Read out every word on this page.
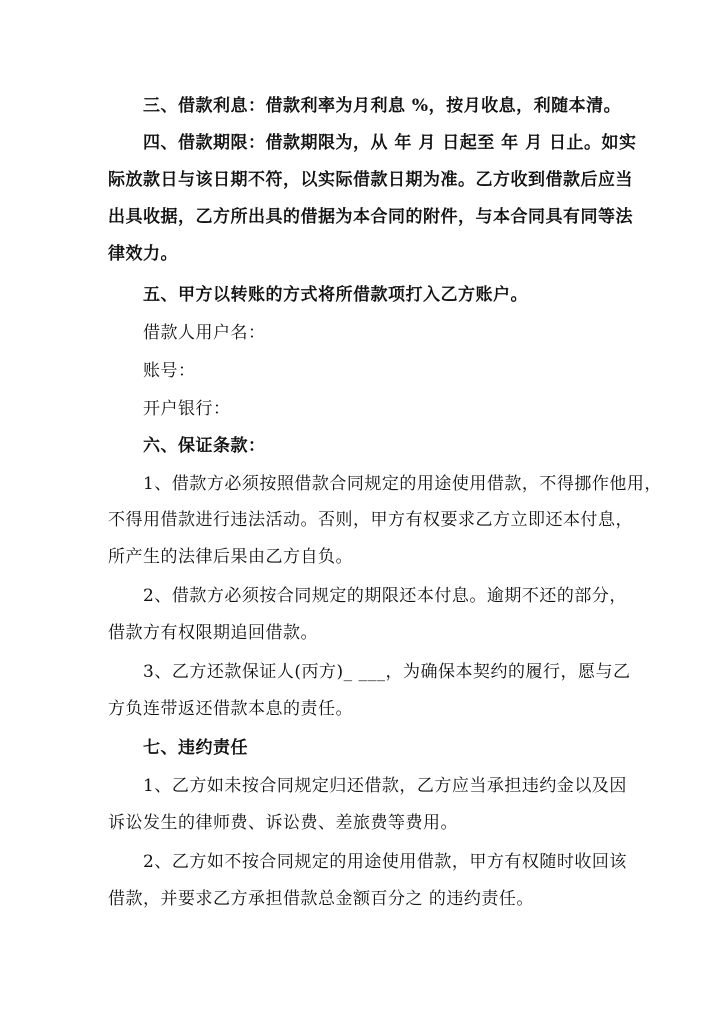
三、借款利息：借款利率为月利息 %，按月收息，利随本清。
四、借款期限：借款期限为，从 年 月 日起至 年 月 日止。如实
际放款日与该日期不符，以实际借款日期为准。乙方收到借款后应当
出具收据，乙方所出具的借据为本合同的附件，与本合同具有同等法
律效力。
五、甲方以转账的方式将所借款项打入乙方账户。
借款人用户名：
账号：
开户银行：
六、保证条款：
1、借款方必须按照借款合同规定的用途使用借款，不得挪作他用，
不得用借款进行违法活动。否则，甲方有权要求乙方立即还本付息，
所产生的法律后果由乙方自负。
2、借款方必须按合同规定的期限还本付息。逾期不还的部分，
借款方有权限期追回借款。
3、乙方还款保证人(丙方)_ ___，为确保本契约的履行，愿与乙
方负连带返还借款本息的责任。
七、违约责任
1、乙方如未按合同规定归还借款，乙方应当承担违约金以及因
诉讼发生的律师费、诉讼费、差旅费等费用。
2、乙方如不按合同规定的用途使用借款，甲方有权随时收回该
借款，并要求乙方承担借款总金额百分之 的违约责任。
